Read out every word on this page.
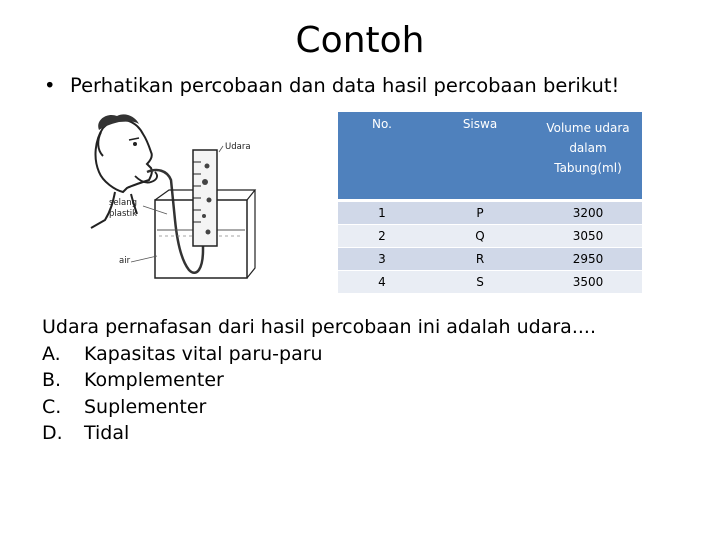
Contoh
• Perhatikan percobaan dan data hasil percobaan berikut!
Udara
selang
plastik
air
No.	Siswa	Volume udara dalam Tabung(ml)
1	P	3200
2	Q	3050
3	R	2950
4	S	3500
Udara pernafasan dari hasil percobaan ini adalah udara....
A.	Kapasitas vital paru-paru
B.	Komplementer
C.	Suplementer
D.	Tidal
